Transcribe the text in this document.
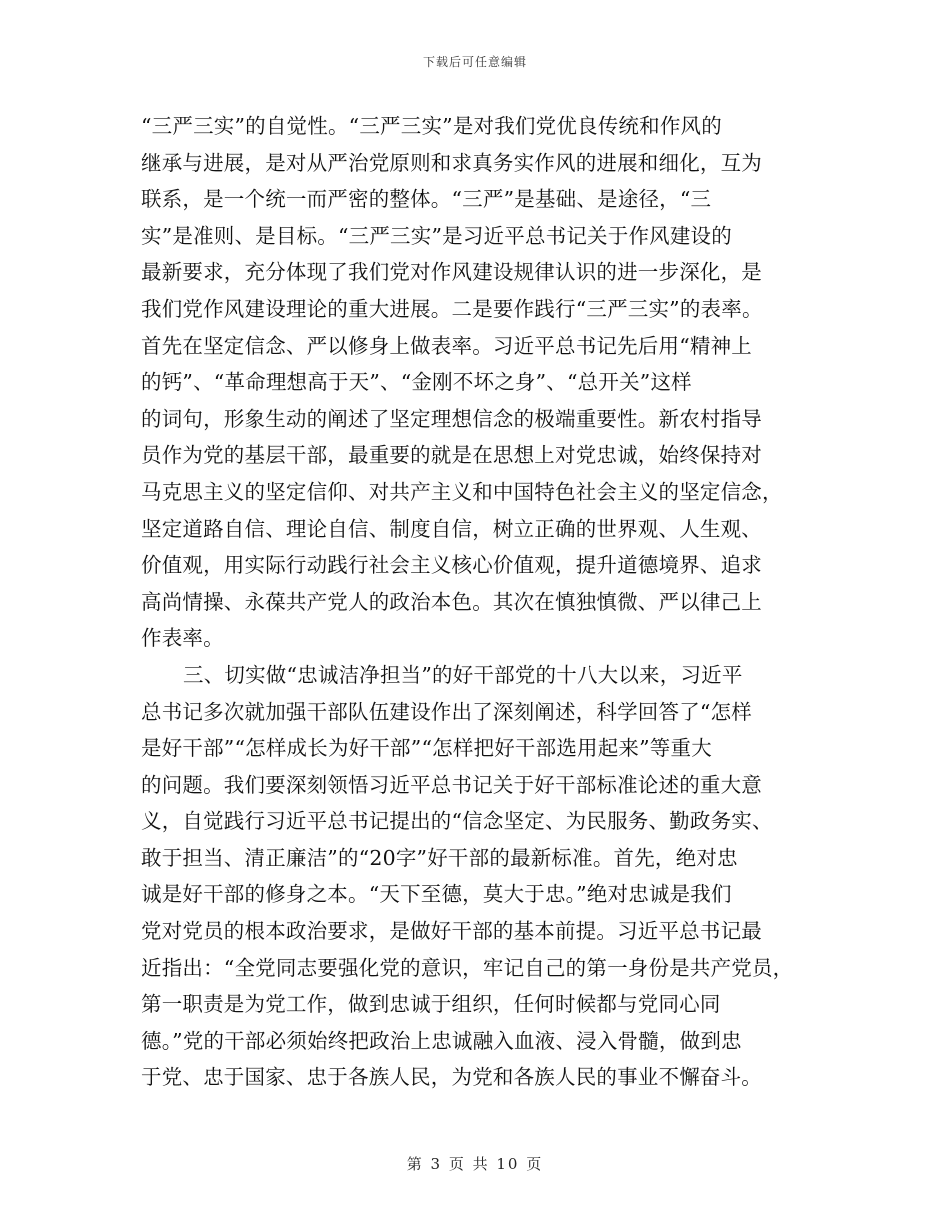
下载后可任意编辑
“三严三实”的自觉性。“三严三实”是对我们党优良传统和作风的
继承与进展，是对从严治党原则和求真务实作风的进展和细化，互为
联系，是一个统一而严密的整体。“三严”是基础、是途径，“三
实”是准则、是目标。“三严三实”是习近平总书记关于作风建设的
最新要求，充分体现了我们党对作风建设规律认识的进一步深化，是
我们党作风建设理论的重大进展。二是要作践行“三严三实”的表率。
首先在坚定信念、严以修身上做表率。习近平总书记先后用“精神上
的钙”、“革命理想高于天”、“金刚不坏之身”、“总开关”这样
的词句，形象生动的阐述了坚定理想信念的极端重要性。新农村指导
员作为党的基层干部，最重要的就是在思想上对党忠诚，始终保持对
马克思主义的坚定信仰、对共产主义和中国特色社会主义的坚定信念，
坚定道路自信、理论自信、制度自信，树立正确的世界观、人生观、
价值观，用实际行动践行社会主义核心价值观，提升道德境界、追求
高尚情操、永葆共产党人的政治本色。其次在慎独慎微、严以律己上
作表率。
三、切实做“忠诚洁净担当”的好干部党的十八大以来，习近平
总书记多次就加强干部队伍建设作出了深刻阐述，科学回答了“怎样
是好干部”“怎样成长为好干部”“怎样把好干部选用起来”等重大
的问题。我们要深刻领悟习近平总书记关于好干部标准论述的重大意
义，自觉践行习近平总书记提出的“信念坚定、为民服务、勤政务实、
敢于担当、清正廉洁”的“20字”好干部的最新标准。首先，绝对忠
诚是好干部的修身之本。“天下至德，莫大于忠。”绝对忠诚是我们
党对党员的根本政治要求，是做好干部的基本前提。习近平总书记最
近指出：“全党同志要强化党的意识，牢记自己的第一身份是共产党员，
第一职责是为党工作，做到忠诚于组织，任何时候都与党同心同
德。”党的干部必须始终把政治上忠诚融入血液、浸入骨髓，做到忠
于党、忠于国家、忠于各族人民，为党和各族人民的事业不懈奋斗。
第 3 页 共 10 页
